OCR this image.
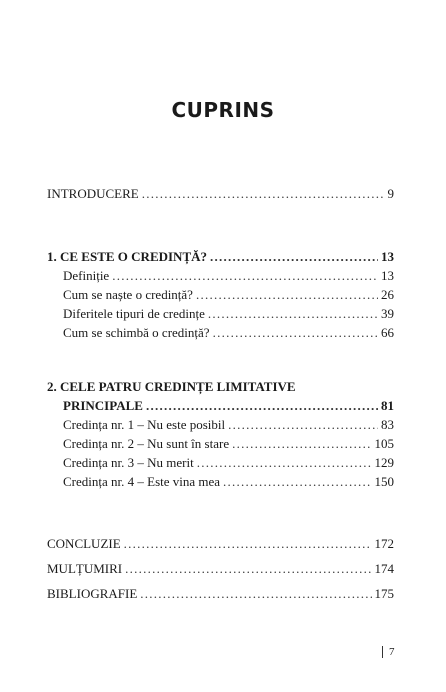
CUPRINS
INTRODUCERE . . .	9
1. CE ESTE O CREDINȚĂ? . . .	13
Definiție . . .	13
Cum se naște o credință? . . .	26
Diferitele tipuri de credințe . . .	39
Cum se schimbă o credință? . . .	66
2. CELE PATRU CREDINȚE LIMITATIVE
PRINCIPALE . . .	81
Credința nr. 1 – Nu este posibil . . .	83
Credința nr. 2 – Nu sunt în stare . . .	105
Credința nr. 3 – Nu merit . . .	129
Credința nr. 4 – Este vina mea . . .	150
CONCLUZIE . . .	172
MULȚUMIRI . . .	174
BIBLIOGRAFIE . . .	175
7
